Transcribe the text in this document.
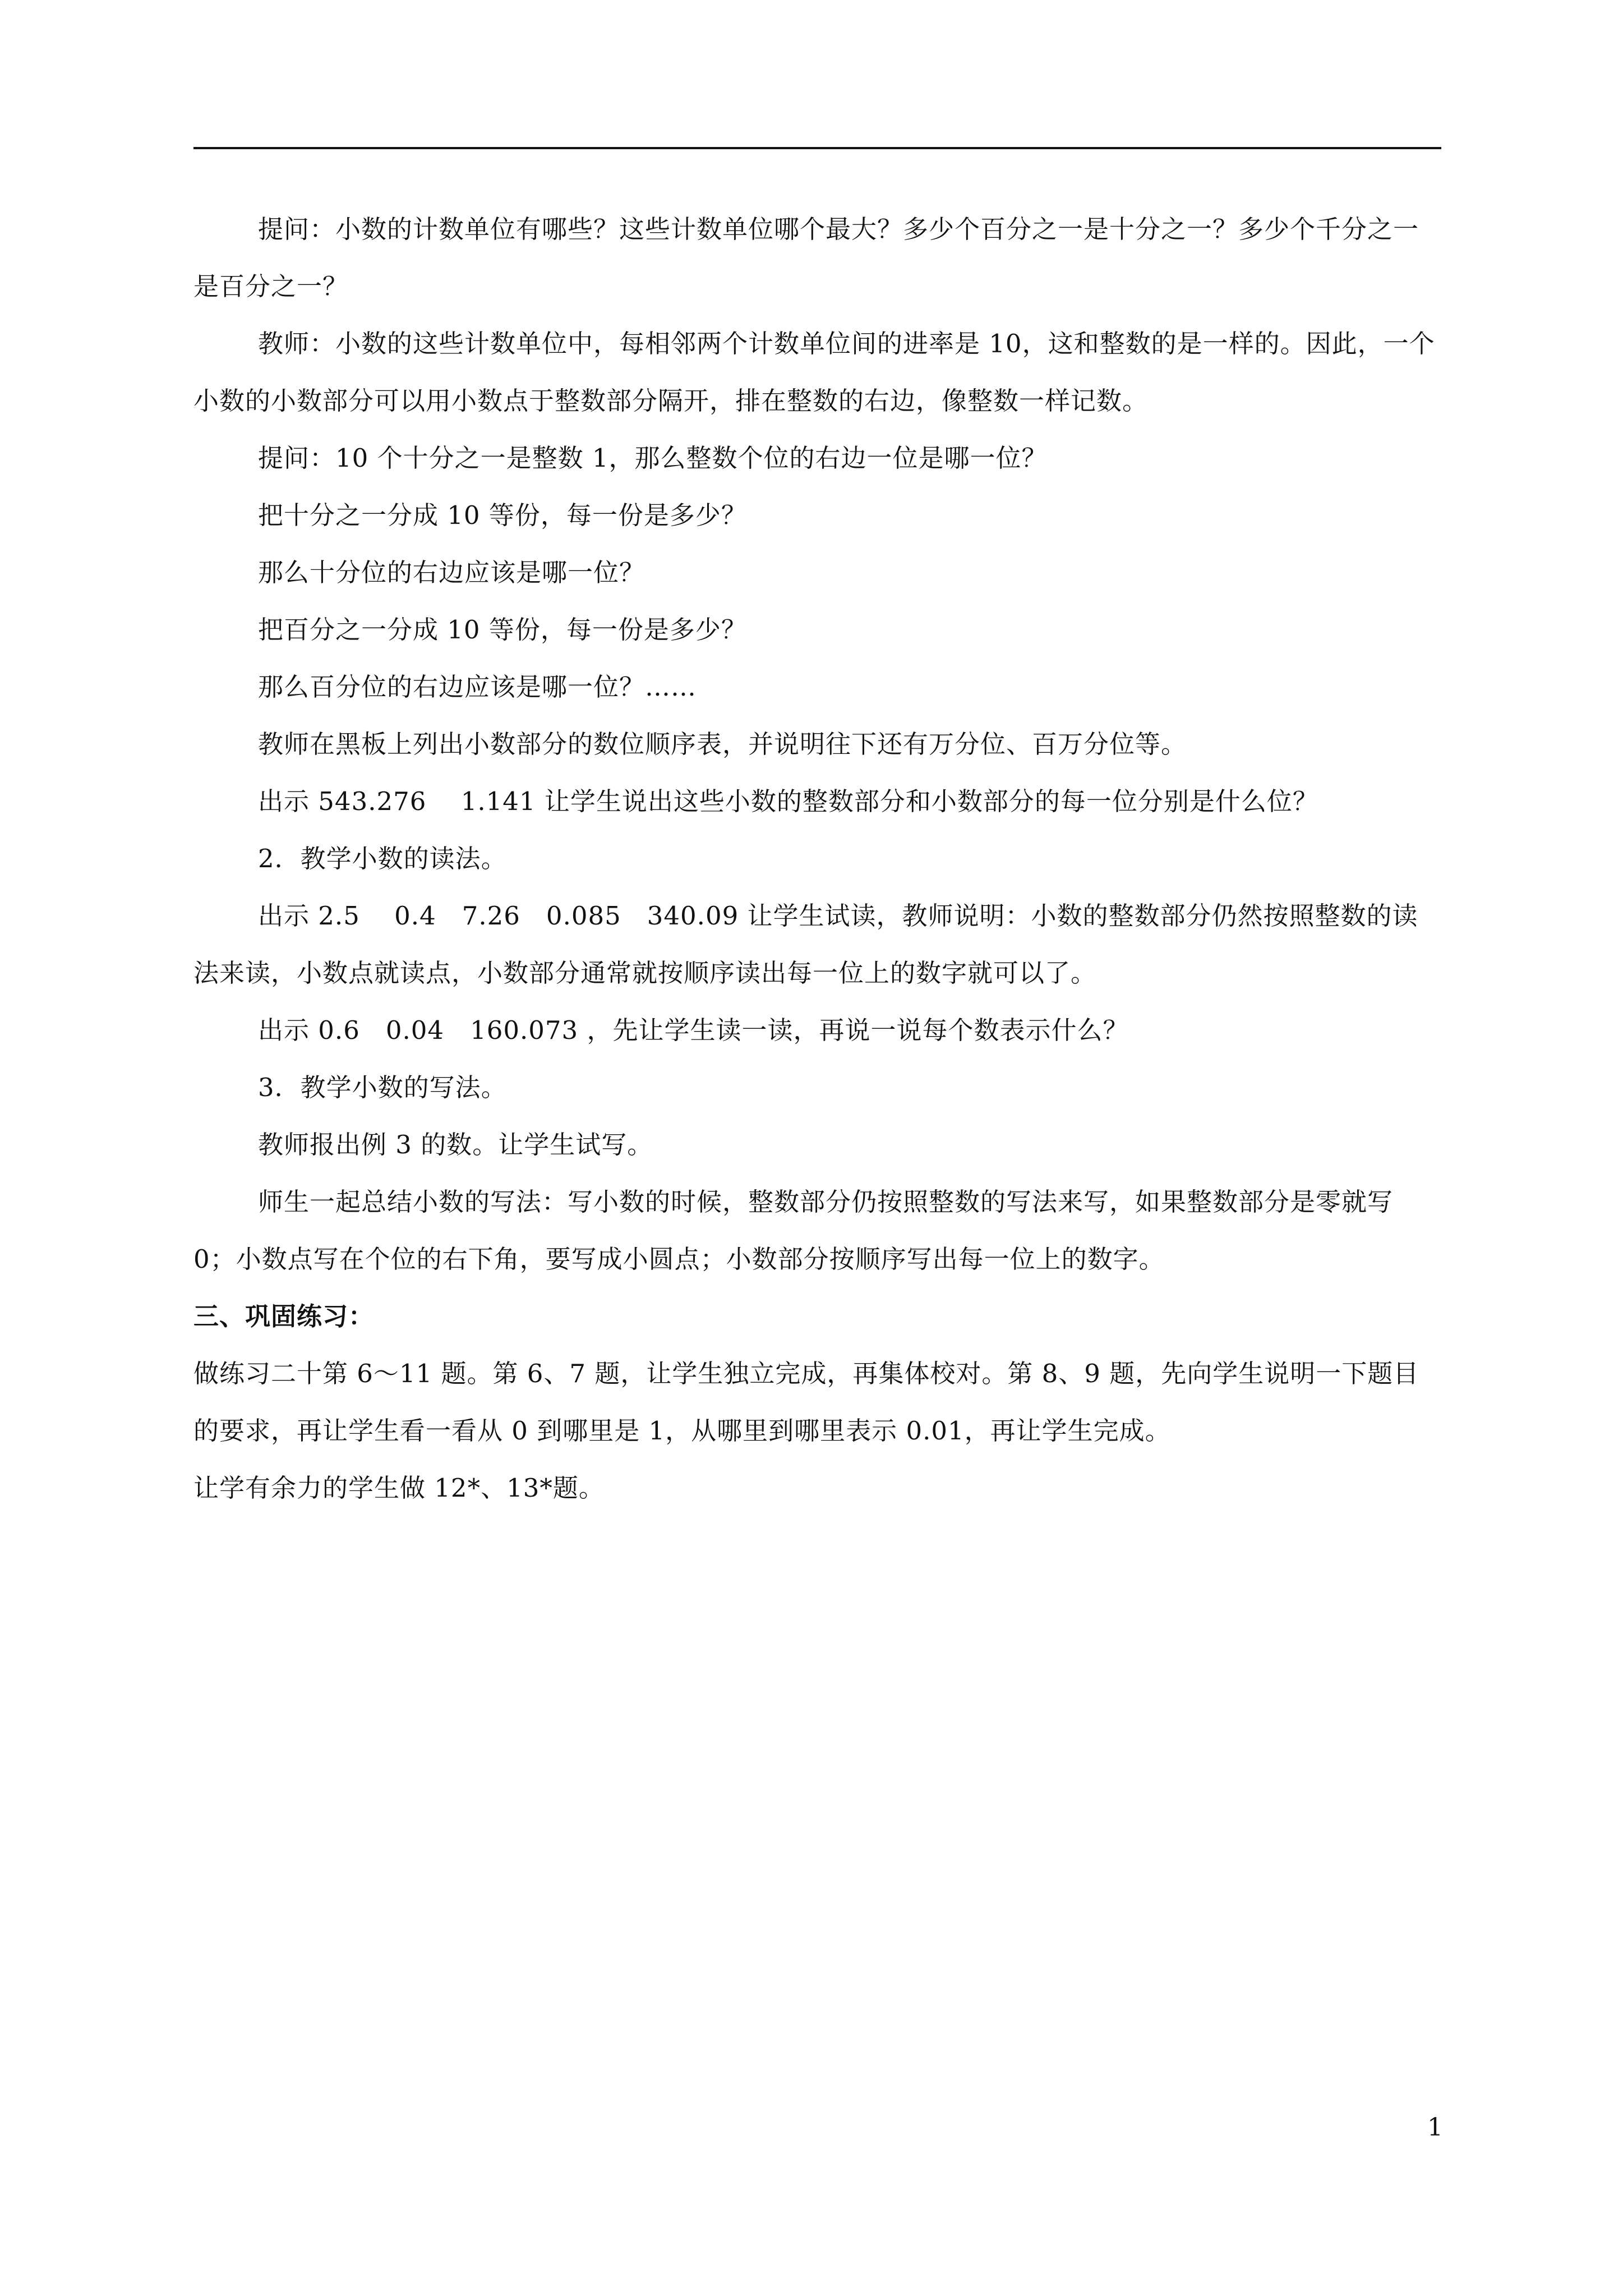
提问：小数的计数单位有哪些？这些计数单位哪个最大？多少个百分之一是十分之一？多少个千分之一是百分之一？

教师：小数的这些计数单位中，每相邻两个计数单位间的进率是 10，这和整数的是一样的。因此，一个小数的小数部分可以用小数点于整数部分隔开，排在整数的右边，像整数一样记数。

提问：10 个十分之一是整数 1，那么整数个位的右边一位是哪一位？

把十分之一分成 10 等份，每一份是多少？

那么十分位的右边应该是哪一位？

把百分之一分成 10 等份，每一份是多少？

那么百分位的右边应该是哪一位？……

教师在黑板上列出小数部分的数位顺序表，并说明往下还有万分位、百万分位等。

出示 543.276　 1.141 让学生说出这些小数的整数部分和小数部分的每一位分别是什么位？

2．教学小数的读法。

出示 2.5　 0.4　7.26　0.085　340.09 让学生试读，教师说明：小数的整数部分仍然按照整数的读法来读，小数点就读点，小数部分通常就按顺序读出每一位上的数字就可以了。

出示 0.6　0.04　160.073 ，先让学生读一读，再说一说每个数表示什么？

3．教学小数的写法。

教师报出例 3 的数。让学生试写。

师生一起总结小数的写法：写小数的时候，整数部分仍按照整数的写法来写，如果整数部分是零就写 0；小数点写在个位的右下角，要写成小圆点；小数部分按顺序写出每一位上的数字。

三、巩固练习：

做练习二十第 6～11 题。第 6、7 题，让学生独立完成，再集体校对。第 8、9 题，先向学生说明一下题目的要求，再让学生看一看从 0 到哪里是 1，从哪里到哪里表示 0.01，再让学生完成。

让学有余力的学生做 12*、13*题。

1
